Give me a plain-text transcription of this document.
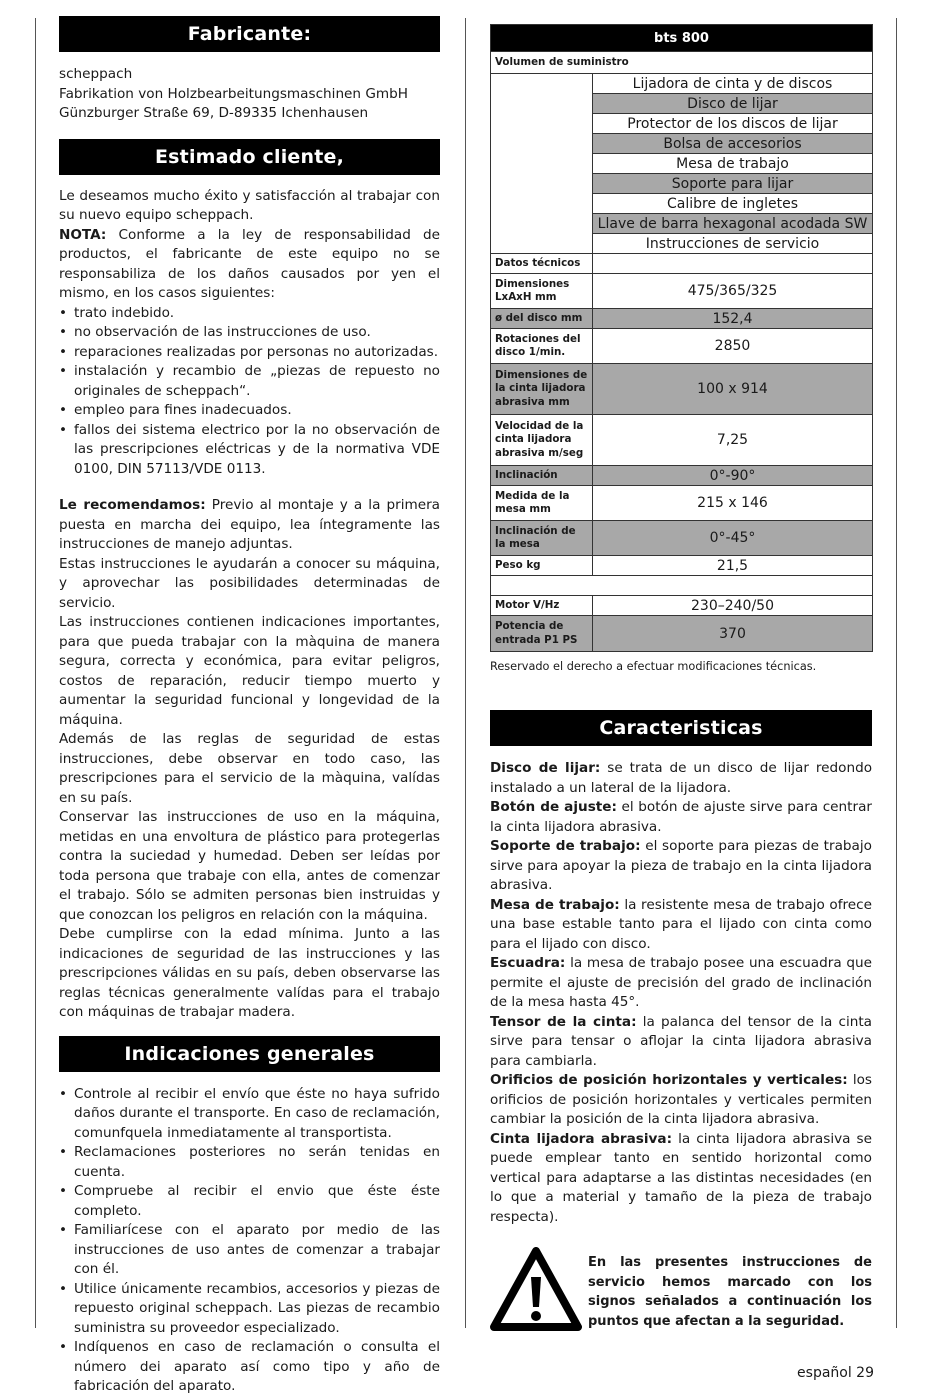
Fabricante:
scheppach
Fabrikation von Holzbearbeitungsmaschinen GmbH
Günzburger Straße 69, D-89335 Ichenhausen
Estimado cliente,
Le deseamos mucho éxito y satisfacción al trabajar con su nuevo equipo scheppach.
NOTA: Conforme a la ley de responsabilidad de productos, el fabricante de este equipo no se responsabiliza de los daños causados por yen el mismo, en los casos siguientes:
• trato indebido.
• no observación de las instrucciones de uso.
• reparaciones realizadas por personas no autorizadas.
• instalación y recambio de „piezas de repuesto no originales de scheppach“.
• empleo para fines inadecuados.
• fallos dei sistema electrico por la no observación de las prescripciones eléctricas y de la normativa VDE 0100, DIN 57113/VDE 0113.
Le recomendamos: Previo al montaje y a la primera puesta en marcha dei equipo, lea íntegramente las instrucciones de manejo adjuntas.
Estas instrucciones le ayudarán a conocer su máquina, y aprovechar las posibilidades determinadas de servicio.
Las instrucciones contienen indicaciones importantes, para que pueda trabajar con la màquina de manera segura, correcta y económica, para evitar peligros, costos de reparación, reducir tiempo muerto y aumentar la seguridad funcional y longevidad de la máquina.
Además de las reglas de seguridad de estas instrucciones, debe observar en todo caso, las prescripciones para el servicio de la màquina, valídas en su país.
Conservar las instrucciones de uso en la máquina, metidas en una envoltura de plástico para protegerlas contra la suciedad y humedad. Deben ser leídas por toda persona que trabaje con ella, antes de comenzar el trabajo. Sólo se admiten personas bien instruidas y que conozcan los peligros en relación con la máquina.
Debe cumplirse con la edad mínima. Junto a las indicaciones de seguridad de las instrucciones y las prescripciones válidas en su país, deben observarse las reglas técnicas generalmente valídas para el trabajo con máquinas de trabajar madera.
Indicaciones generales
• Controle al recibir el envío que éste no haya sufrido daños durante el transporte. En caso de reclamación, comunfquela inmediatamente al transportista.
• Reclamaciones posteriores no serán tenidas en cuenta.
• Compruebe al recibir el envio que éste éste completo.
• Familiarícese con el aparato por medio de las instrucciones de uso antes de comenzar a trabajar con él.
• Utilice únicamente recambios, accesorios y piezas de repuesto original scheppach. Las piezas de recambio suministra su proveedor especializado.
• Indíquenos en caso de reclamación o consulta el número dei aparato así como tipo y año de fabricación del aparato.
bts 800	
Volumen de suministro	
	Lijadora de cinta y de discos
	Disco de lijar
	Protector de los discos de lijar
	Bolsa de accesorios
	Mesa de trabajo
	Soporte para lijar
	Calibre de ingletes
	Llave de barra hexagonal acodada SW
	Instrucciones de servicio
Datos técnicos	
Dimensiones LxAxH mm	475/365/325
ø del disco mm	152,4
Rotaciones del disco 1/min.	2850
Dimensiones de la cinta lijadora abrasiva mm	100 x 914
Velocidad de la cinta lijadora abrasiva m/seg	7,25
Inclinación	0°-90°
Medida de la mesa mm	215 x 146
Inclinación de la mesa	0°-45°
Peso kg	21,5

Motor V/Hz	230–240/50
Potencia de entrada P1 PS	370
Reservado el derecho a efectuar modificaciones técnicas.
Caracteristicas
Disco de lijar: se trata de un disco de lijar redondo instalado a un lateral de la lijadora.
Botón de ajuste: el botón de ajuste sirve para centrar la cinta lijadora abrasiva.
Soporte de trabajo: el soporte para piezas de trabajo sirve para apoyar la pieza de trabajo en la cinta lijadora abrasiva.
Mesa de trabajo: la resistente mesa de trabajo ofrece una base estable tanto para el lijado con cinta como para el lijado con disco.
Escuadra: la mesa de trabajo posee una escuadra que permite el ajuste de precisión del grado de inclinación de la mesa hasta 45°.
Tensor de la cinta: la palanca del tensor de la cinta sirve para tensar o aflojar la cinta lijadora abrasiva para cambiarla.
Orificios de posición horizontales y verticales: los orificios de posición horizontales y verticales permiten cambiar la posición de la cinta lijadora abrasiva.
Cinta lijadora abrasiva: la cinta lijadora abrasiva se puede emplear tanto en sentido horizontal como vertical para adaptarse a las distintas necesidades (en lo que a material y tamaño de la pieza de trabajo respecta).
En las presentes instrucciones de servicio hemos marcado con los signos señalados a continuación los puntos que afectan a la seguridad.
español 29
